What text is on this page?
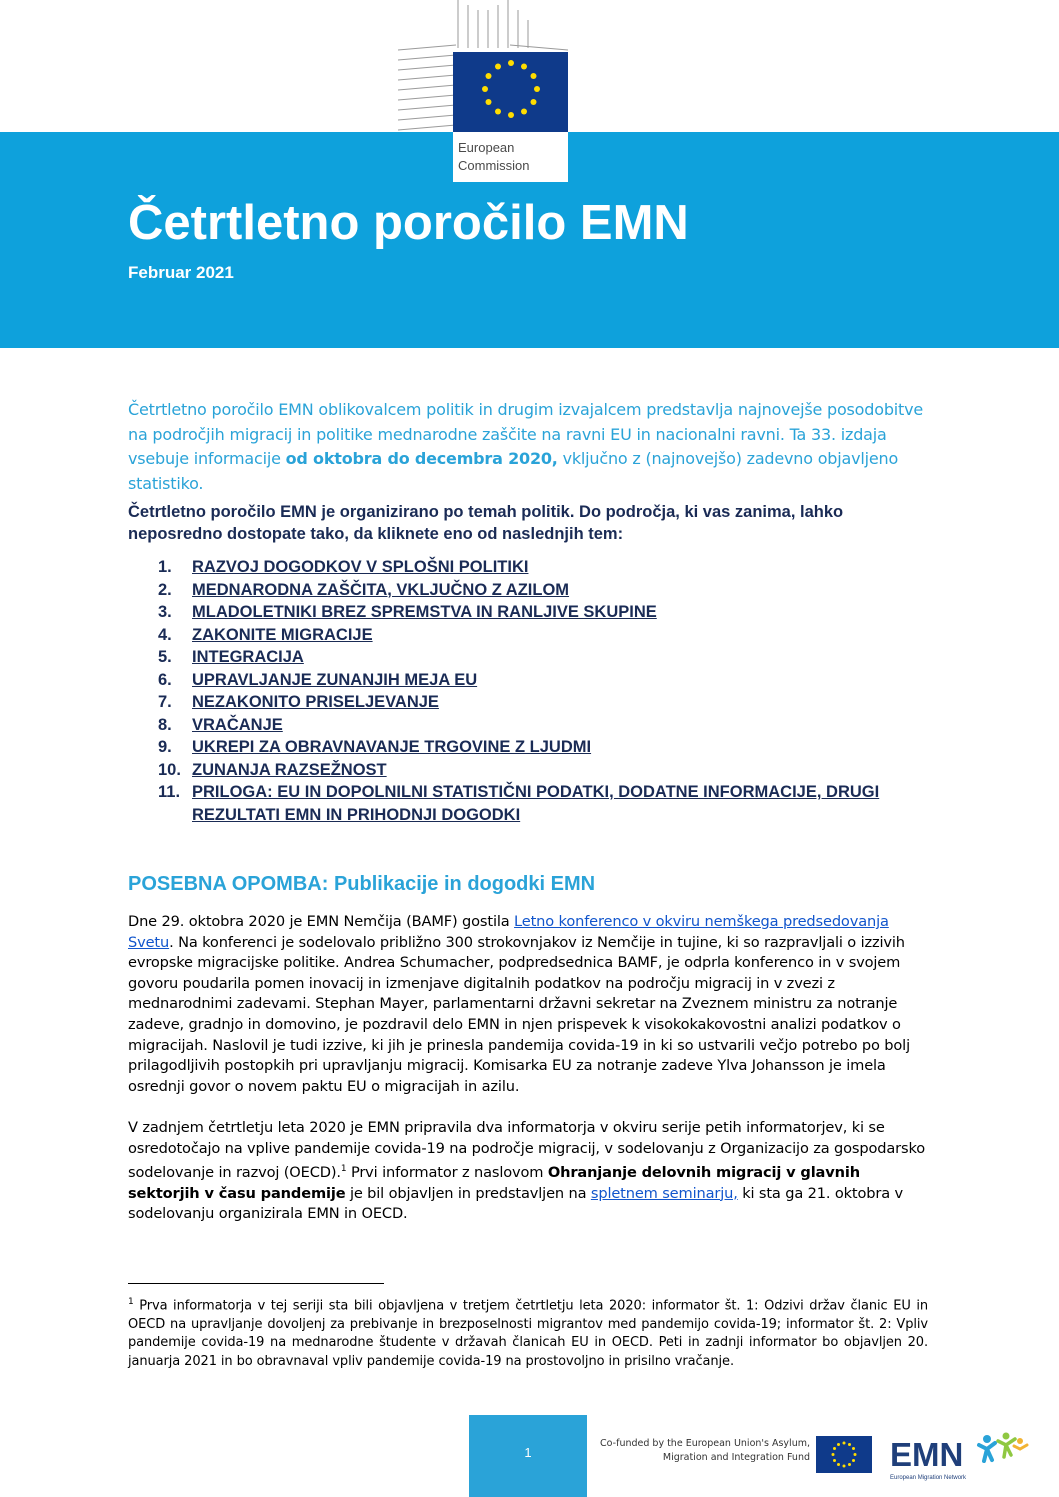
European
Commission
Četrtletno poročilo EMN
Februar 2021

Četrtletno poročilo EMN oblikovalcem politik in drugim izvajalcem predstavlja najnovejše posodobitve na področjih migracij in politike mednarodne zaščite na ravni EU in nacionalni ravni. Ta 33. izdaja vsebuje informacije od oktobra do decembra 2020, vključno z (najnovejšo) zadevno objavljeno statistiko.

Četrtletno poročilo EMN je organizirano po temah politik. Do področja, ki vas zanima, lahko neposredno dostopate tako, da kliknete eno od naslednjih tem:

1.	RAZVOJ DOGODKOV V SPLOŠNI POLITIKI
2.	MEDNARODNA ZAŠČITA, VKLJUČNO Z AZILOM
3.	MLADOLETNIKI BREZ SPREMSTVA IN RANLJIVE SKUPINE
4.	ZAKONITE MIGRACIJE
5.	INTEGRACIJA
6.	UPRAVLJANJE ZUNANJIH MEJA EU
7.	NEZAKONITO PRISELJEVANJE
8.	VRAČANJE
9.	UKREPI ZA OBRAVNAVANJE TRGOVINE Z LJUDMI
10. ZUNANJA RAZSEŽNOST
11. PRILOGA: EU IN DOPOLNILNI STATISTIČNI PODATKI, DODATNE INFORMACIJE, DRUGI REZULTATI EMN IN PRIHODNJI DOGODKI
POSEBNA OPOMBA: Publikacije in dogodki EMN

Dne 29. oktobra 2020 je EMN Nemčija (BAMF) gostila Letno konferenco v okviru nemškega predsedovanja Svetu. Na konferenci je sodelovalo približno 300 strokovnjakov iz Nemčije in tujine, ki so razpravljali o izzivih evropske migracijske politike. Andrea Schumacher, podpredsednica BAMF, je odprla konferenco in v svojem govoru poudarila pomen inovacij in izmenjave digitalnih podatkov na področju migracij in v zvezi z mednarodnimi zadevami. Stephan Mayer, parlamentarni državni sekretar na Zveznem ministru za notranje zadeve, gradnjo in domovino, je pozdravil delo EMN in njen prispevek k visokokakovostni analizi podatkov o migracijah. Naslovil je tudi izzive, ki jih je prinesla pandemija covida-19 in ki so ustvarili večjo potrebo po bolj prilagodljivih postopkih pri upravljanju migracij. Komisarka EU za notranje zadeve Ylva Johansson je imela osrednji govor o novem paktu EU o migracijah in azilu.

V zadnjem četrtletju leta 2020 je EMN pripravila dva informatorja v okviru serije petih informatorjev, ki se osredotočajo na vplive pandemije covida-19 na področje migracij, v sodelovanju z Organizacijo za gospodarsko sodelovanje in razvoj (OECD).$^1$ Prvi informator z naslovom Ohranjanje delovnih migracij v glavnih sektorjih v času pandemije je bil objavljen in predstavljen na spletnem seminarju, ki sta ga 21. oktobra v sodelovanju organizirala EMN in OECD.

$^1$ Prva informatorja v tej seriji sta bili objavljena v tretjem četrtletju leta 2020: informator št. 1: Odzivi držav članic EU in OECD na upravljanje dovoljenj za prebivanje in brezposelnosti migrantov med pandemijo covida-19; informator št. 2: Vpliv pandemije covida-19 na mednarodne študente v državah članicah EU in OECD. Peti in zadnji informator bo objavljen 20. januarja 2021 in bo obravnaval vpliv pandemije covida-19 na prostovoljno in prisilno vračanje.

1
Co-funded by the European Union's Asylum,
Migration and Integration Fund EMN
European Migration Network
